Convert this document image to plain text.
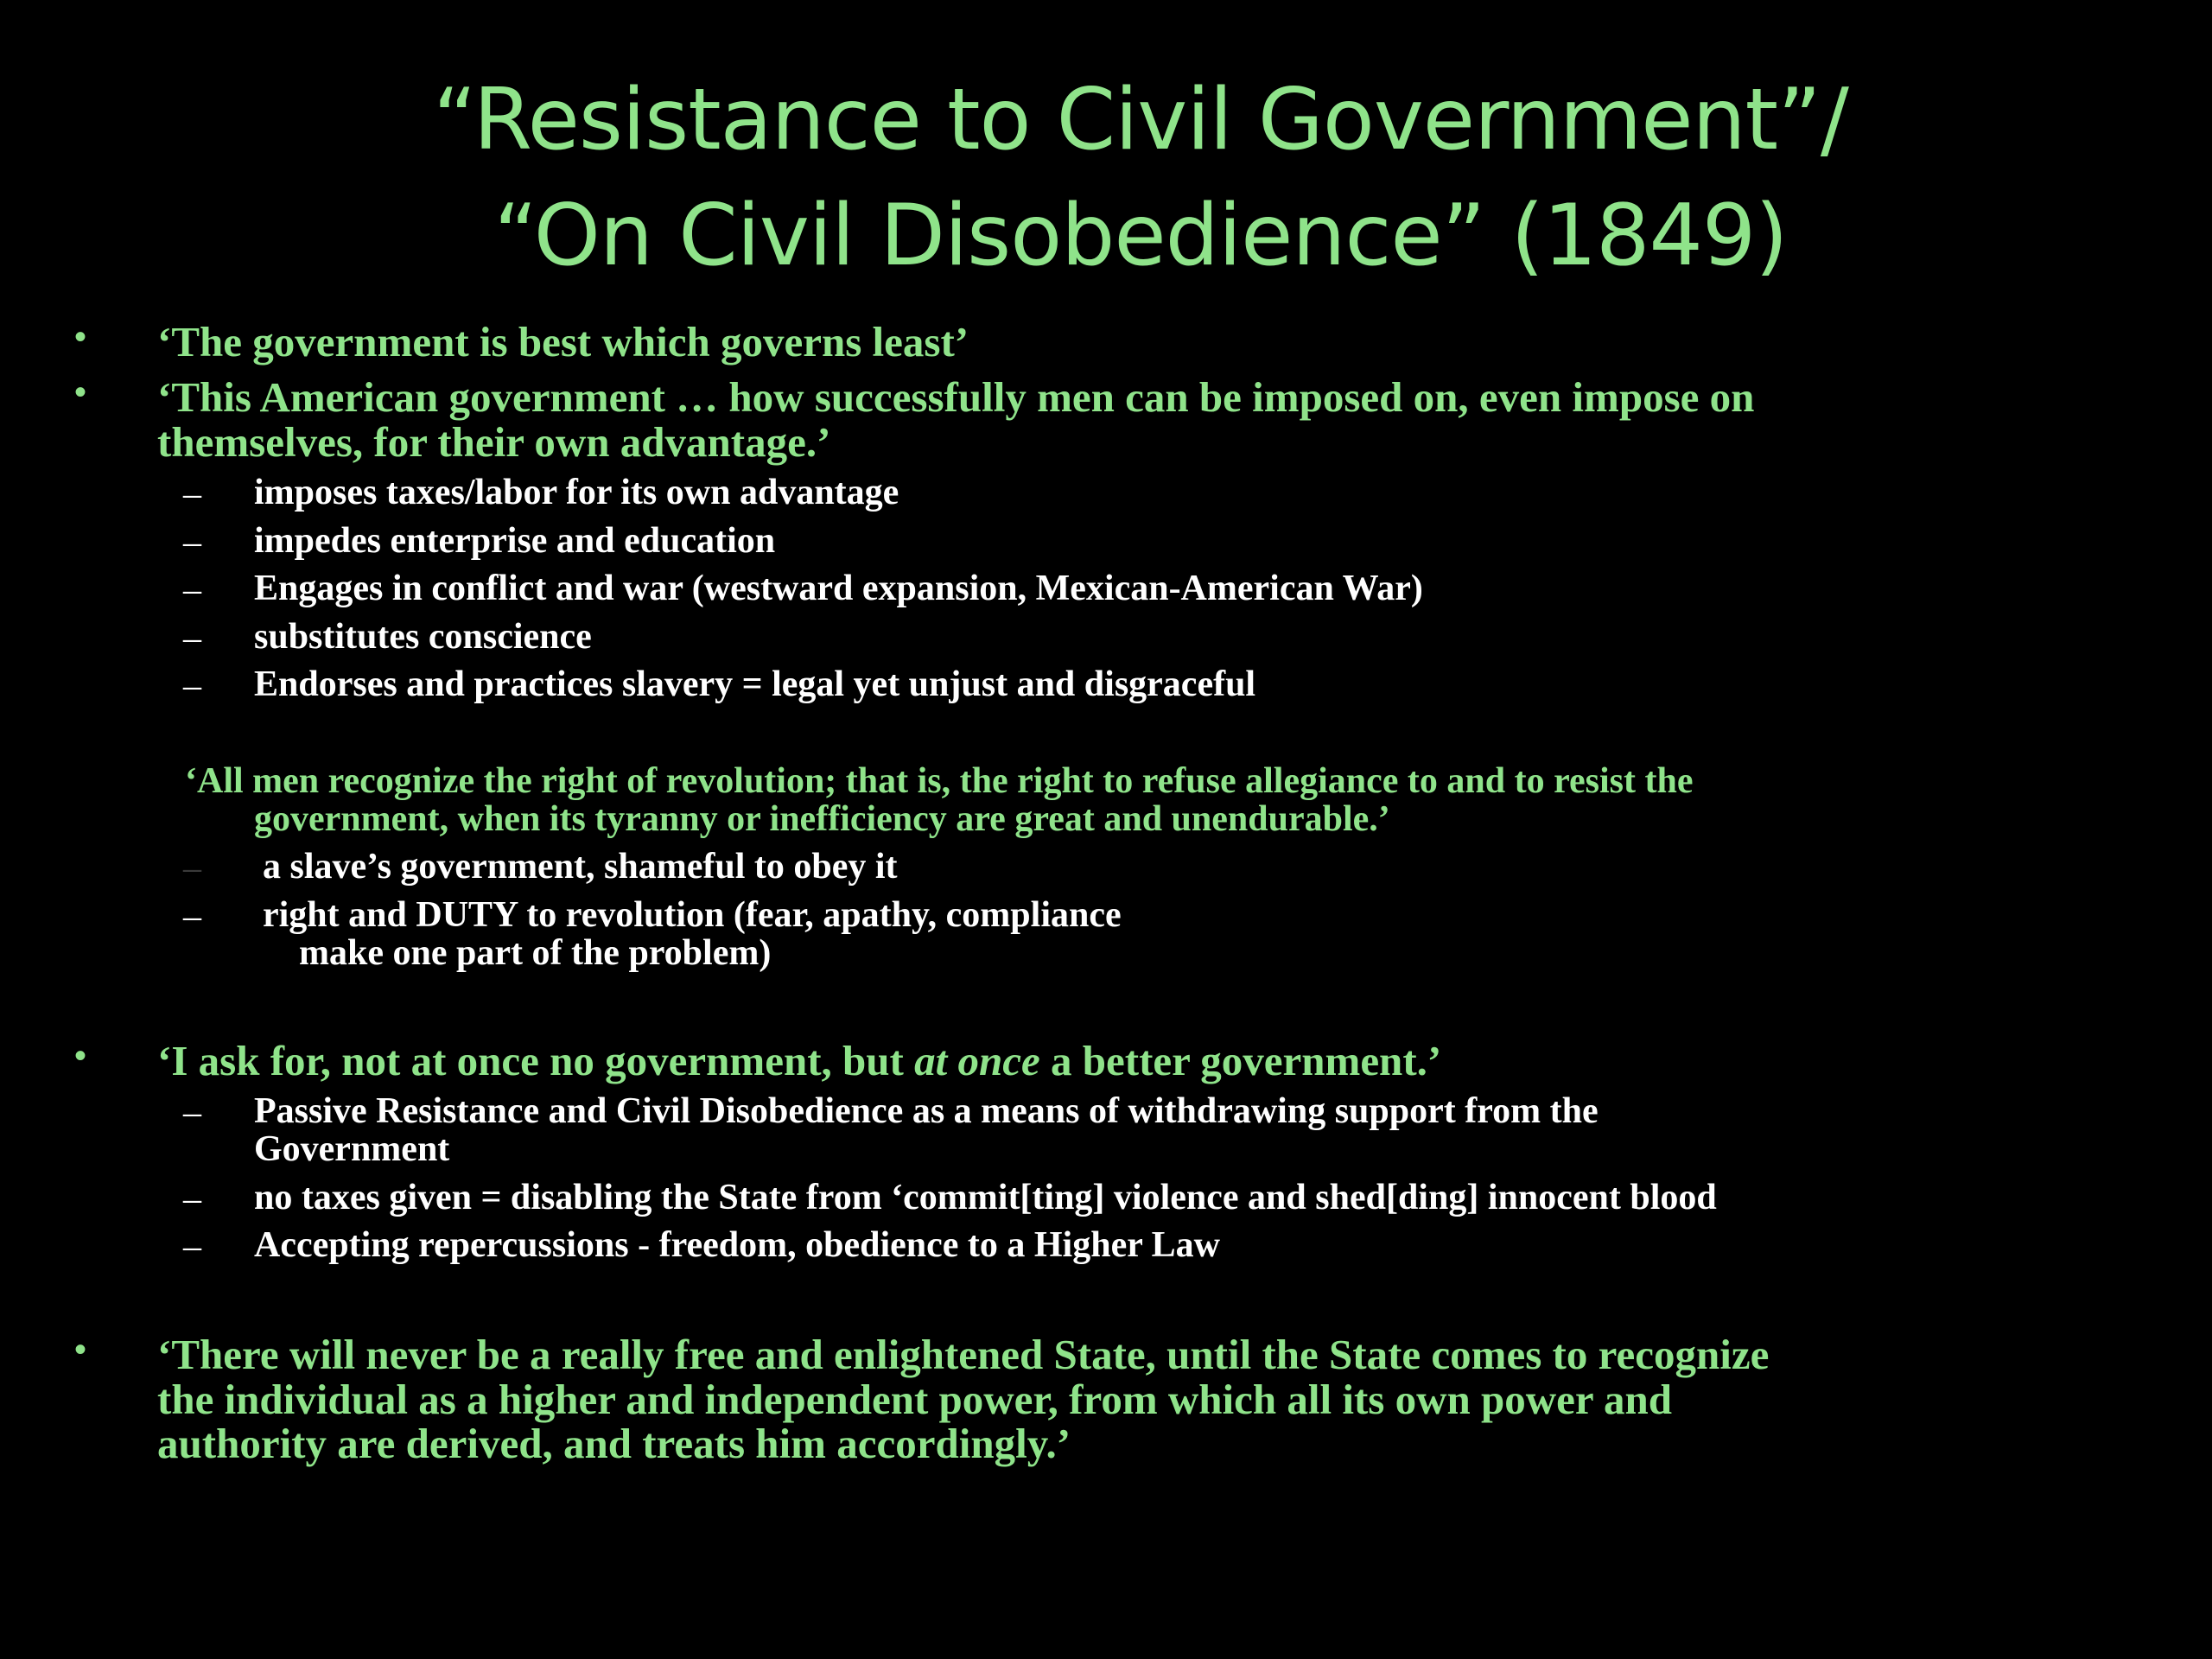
“Resistance to Civil Government”/
“On Civil Disobedience” (1849)
• ‘The government is best which governs least’
• ‘This American government … how successfully men can be imposed on, even impose on
themselves, for their own advantage.’
– imposes taxes/labor for its own advantage
– impedes enterprise and education
– Engages in conflict and war (westward expansion, Mexican-American War)
– substitutes conscience
– Endorses and practices slavery = legal yet unjust and disgraceful
‘All men recognize the right of revolution; that is, the right to refuse allegiance to and to resist the
government, when its tyranny or inefficiency are great and unendurable.’
– a slave’s government, shameful to obey it
– right and DUTY to revolution (fear, apathy, compliance
make one part of the problem)
• ‘I ask for, not at once no government, but at once a better government.’
– Passive Resistance and Civil Disobedience as a means of withdrawing support from the
Government
– no taxes given = disabling the State from ‘commit[ting] violence and shed[ding] innocent blood
– Accepting repercussions - freedom, obedience to a Higher Law
• ‘There will never be a really free and enlightened State, until the State comes to recognize
the individual as a higher and independent power, from which all its own power and
authority are derived, and treats him accordingly.’
